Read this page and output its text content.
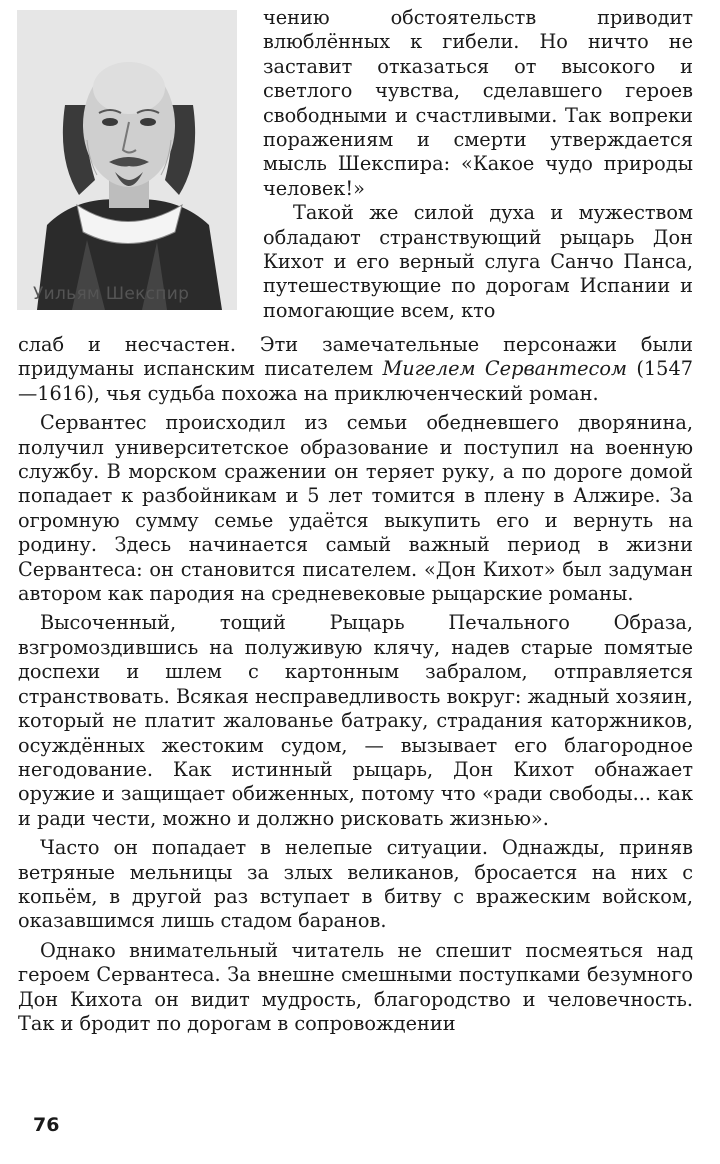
Уильям Шекспир

чению обстоятельств приводит влюблённых к гибели. Но ничто не заставит отказаться от высокого и светлого чувства, сделавшего героев свободными и счастливыми. Так вопреки поражениям и смерти утверждается мысль Шекспира: «Какое чудо природы человек!»

Такой же силой духа и мужеством обладают странствующий рыцарь Дон Кихот и его верный слуга Санчо Панса, путешествующие по дорогам Испании и помогающие всем, кто

слаб и несчастен. Эти замечательные персонажи были придуманы испанским писателем Мигелем Сервантесом (1547—1616), чья судьба похожа на приключенческий роман.

Сервантес происходил из семьи обедневшего дворянина, получил университетское образование и поступил на военную службу. В морском сражении он теряет руку, а по дороге домой попадает к разбойникам и 5 лет томится в плену в Алжире. За огромную сумму семье удаётся выкупить его и вернуть на родину. Здесь начинается самый важный период в жизни Сервантеса: он становится писателем. «Дон Кихот» был задуман автором как пародия на средневековые рыцарские романы.

Высоченный, тощий Рыцарь Печального Образа, взгромоздившись на полуживую клячу, надев старые помятые доспехи и шлем с картонным забралом, отправляется странствовать. Всякая несправедливость вокруг: жадный хозяин, который не платит жалованье батраку, страдания каторжников, осуждённых жестоким судом, — вызывает его благородное негодование. Как истинный рыцарь, Дон Кихот обнажает оружие и защищает обиженных, потому что «ради свободы... как и ради чести, можно и должно рисковать жизнью».

Часто он попадает в нелепые ситуации. Однажды, приняв ветряные мельницы за злых великанов, бросается на них с копьём, в другой раз вступает в битву с вражеским войском, оказавшимся лишь стадом баранов.

Однако внимательный читатель не спешит посмеяться над героем Сервантеса. За внешне смешными поступками безумного Дон Кихота он видит мудрость, благородство и человечность. Так и бродит по дорогам в сопровождении

76
